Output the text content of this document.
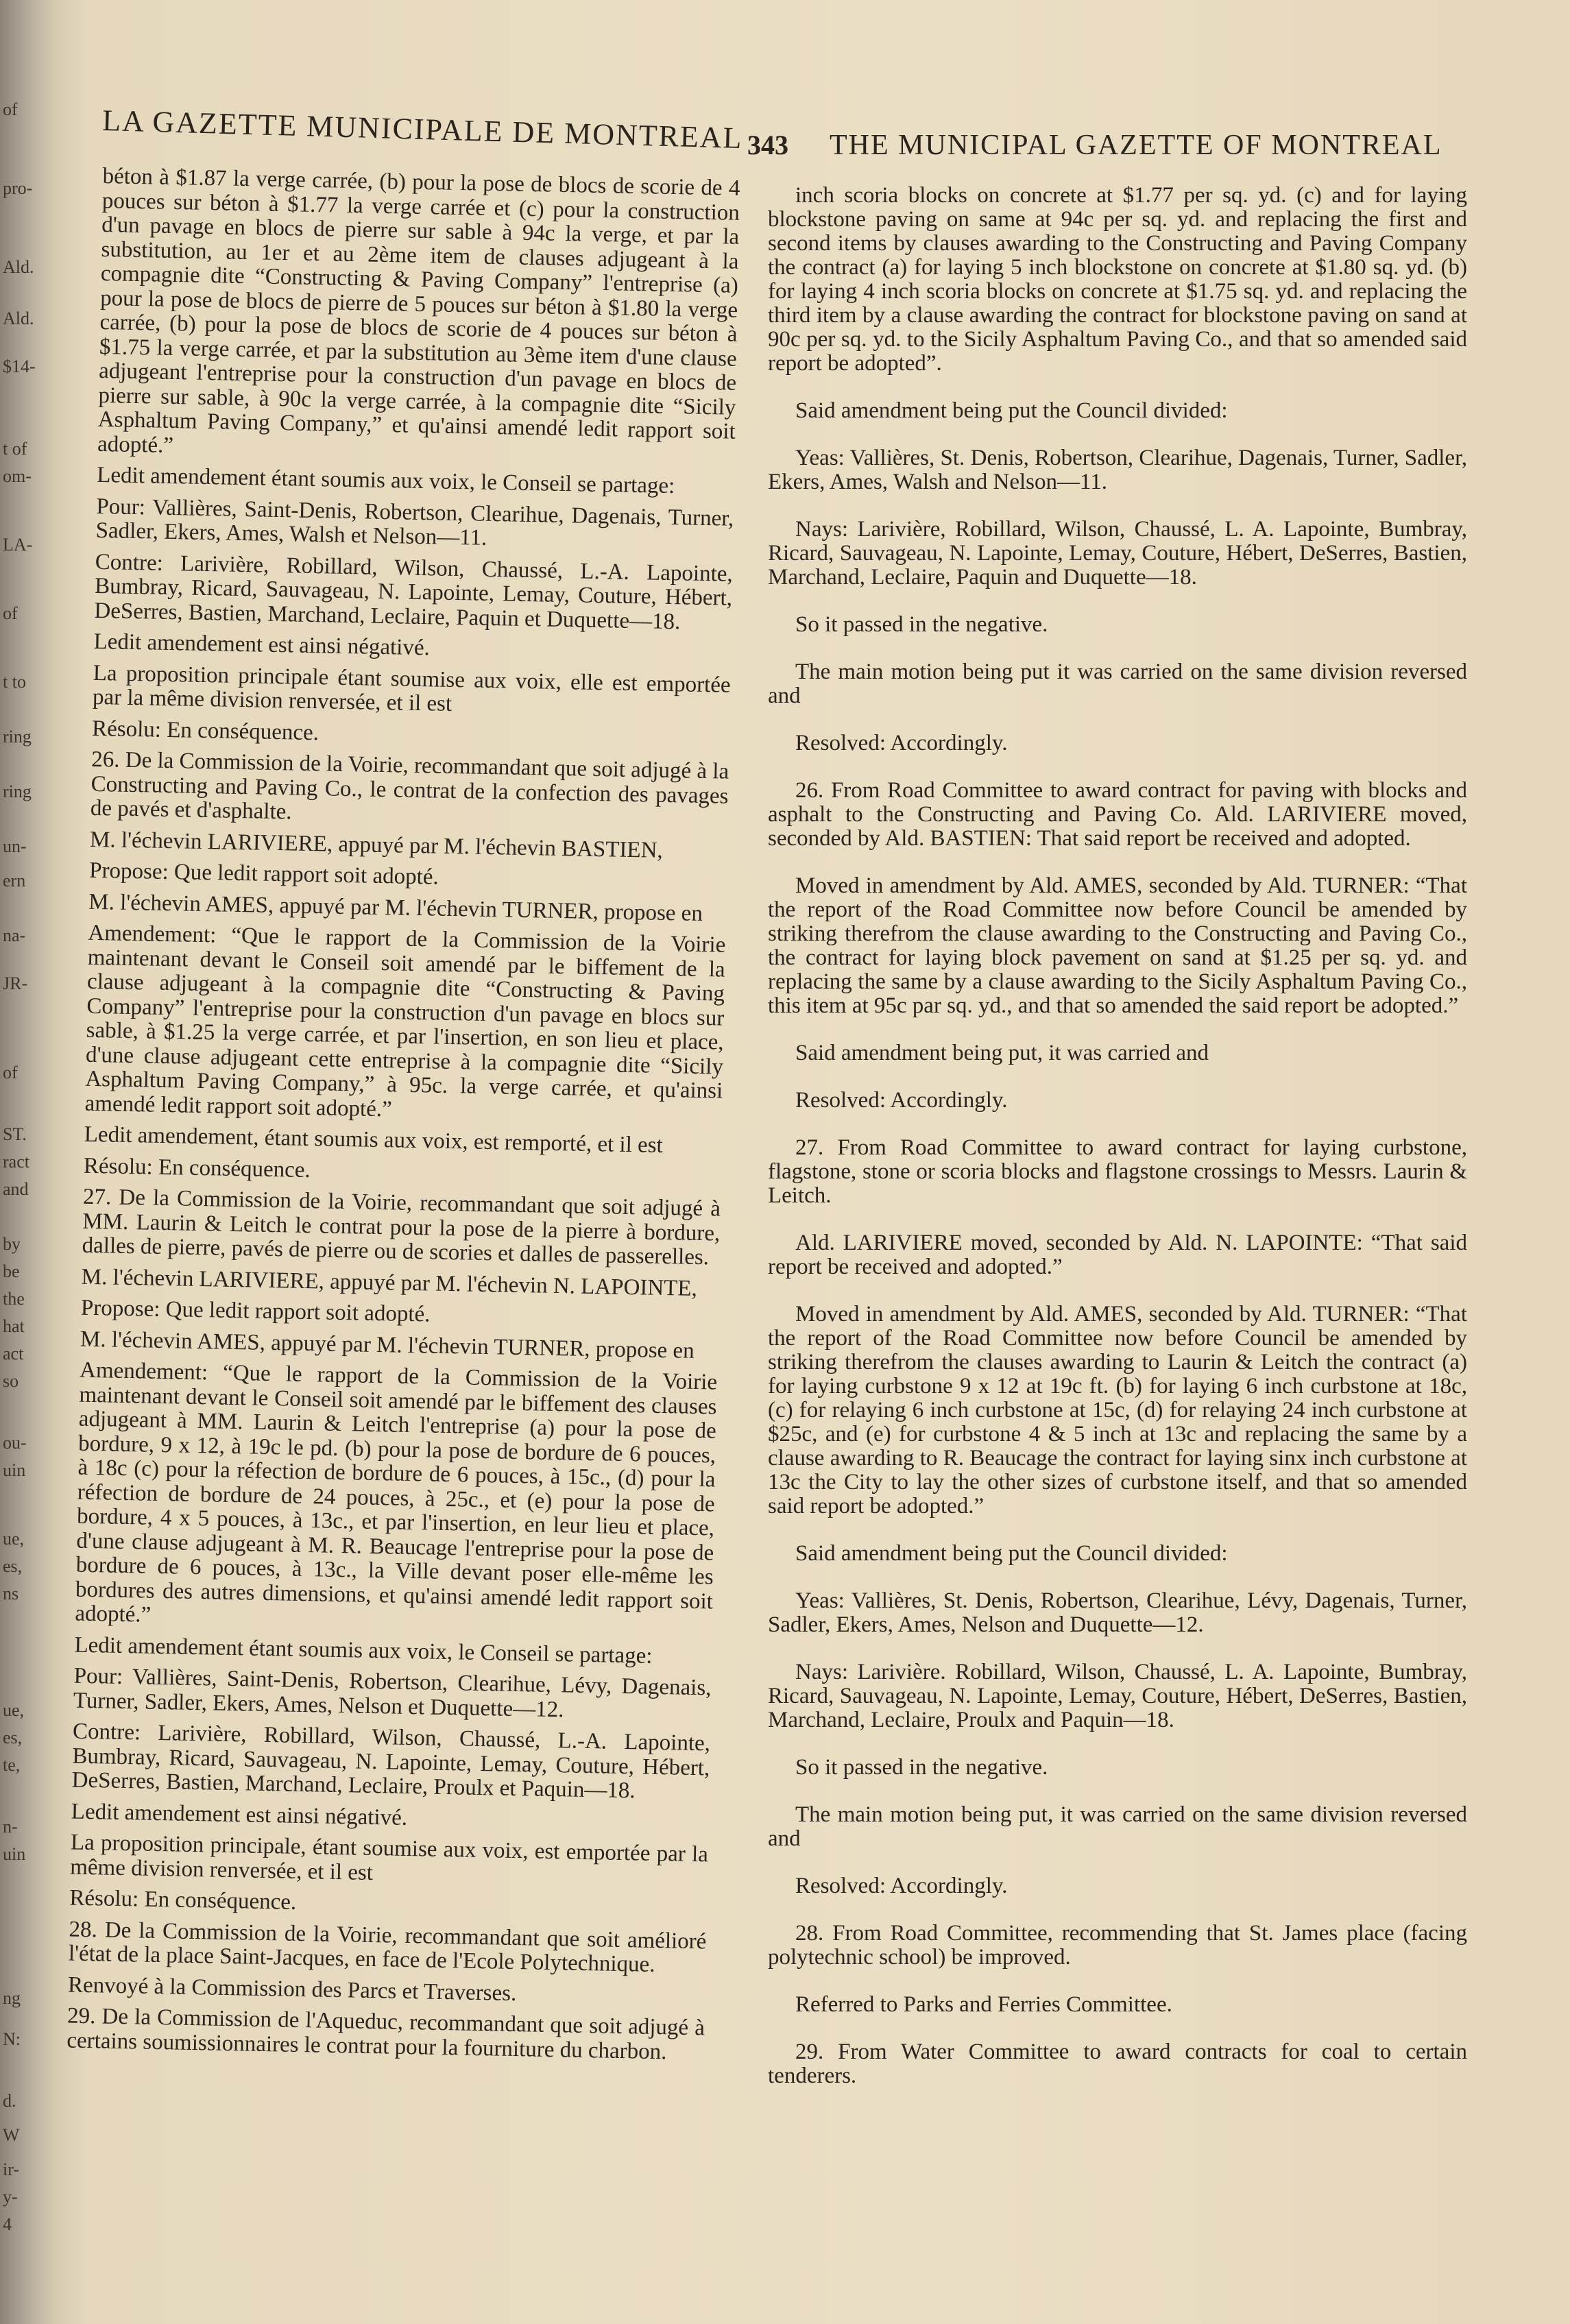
of
pro-
Ald.
Ald.
$14-
t of
om-
LA-
of
t to
ring
ring
un-
ern
na-
JR-
of
ST.
ract
and
by
be
the
hat
act
so
ou-
uin
ue,
es,
ns
ue,
es,
te,
n-
uin
ng
N:
d.
W
ir-
y-
4
LA GAZETTE MUNICIPALE DE MONTREAL 343 THE MUNICIPAL GAZETTE OF MONTREAL

béton à $1.87 la verge carrée, (b) pour la pose de blocs de scorie de 4 pouces sur béton à $1.77 la verge carrée et (c) pour la construction d'un pavage en blocs de pierre sur sable à 94c la verge, et par la substitution, au 1er et au 2ème item de clauses adjugeant à la compagnie dite “Constructing & Paving Company” l'entreprise (a) pour la pose de blocs de pierre de 5 pouces sur béton à $1.80 la verge carrée, (b) pour la pose de blocs de scorie de 4 pouces sur béton à $1.75 la verge carrée, et par la substitution au 3ème item d'une clause adjugeant l'entreprise pour la construction d'un pavage en blocs de pierre sur sable, à 90c la verge carrée, à la compagnie dite “Sicily Asphaltum Paving Company,” et qu'ainsi amendé ledit rapport soit adopté.”

Ledit amendement étant soumis aux voix, le Conseil se partage:

Pour: Vallières, Saint-Denis, Robertson, Clearihue, Dagenais, Turner, Sadler, Ekers, Ames, Walsh et Nelson—11.

Contre: Larivière, Robillard, Wilson, Chaussé, L.-A. Lapointe, Bumbray, Ricard, Sauvageau, N. Lapointe, Lemay, Couture, Hébert, DeSerres, Bastien, Marchand, Leclaire, Paquin et Duquette—18.

Ledit amendement est ainsi négativé.

La proposition principale étant soumise aux voix, elle est emportée par la même division renversée, et il est

Résolu: En conséquence.

26. De la Commission de la Voirie, recommandant que soit adjugé à la Constructing and Paving Co., le contrat de la confection des pavages de pavés et d'asphalte.

M. l'échevin LARIVIERE, appuyé par M. l'échevin BASTIEN,

Propose: Que ledit rapport soit adopté.

M. l'échevin AMES, appuyé par M. l'échevin TURNER, propose en

Amendement: “Que le rapport de la Commission de la Voirie maintenant devant le Conseil soit amendé par le biffement de la clause adjugeant à la compagnie dite “Constructing & Paving Company” l'entreprise pour la construction d'un pavage en blocs sur sable, à $1.25 la verge carrée, et par l'insertion, en son lieu et place, d'une clause adjugeant cette entreprise à la compagnie dite “Sicily Asphaltum Paving Company,” à 95c. la verge carrée, et qu'ainsi amendé ledit rapport soit adopté.”

Ledit amendement, étant soumis aux voix, est remporté, et il est

Résolu: En conséquence.

27. De la Commission de la Voirie, recommandant que soit adjugé à MM. Laurin & Leitch le contrat pour la pose de la pierre à bordure, dalles de pierre, pavés de pierre ou de scories et dalles de passerelles.

M. l'échevin LARIVIERE, appuyé par M. l'échevin N. LAPOINTE,

Propose: Que ledit rapport soit adopté.

M. l'échevin AMES, appuyé par M. l'échevin TURNER, propose en

Amendement: “Que le rapport de la Commission de la Voirie maintenant devant le Conseil soit amendé par le biffement des clauses adjugeant à MM. Laurin & Leitch l'entreprise (a) pour la pose de bordure, 9 x 12, à 19c le pd. (b) pour la pose de bordure de 6 pouces, à 18c (c) pour la réfection de bordure de 6 pouces, à 15c., (d) pour la réfection de bordure de 24 pouces, à 25c., et (e) pour la pose de bordure, 4 x 5 pouces, à 13c., et par l'insertion, en leur lieu et place, d'une clause adjugeant à M. R. Beaucage l'entreprise pour la pose de bordure de 6 pouces, à 13c., la Ville devant poser elle-même les bordures des autres dimensions, et qu'ainsi amendé ledit rapport soit adopté.”

Ledit amendement étant soumis aux voix, le Conseil se partage:

Pour: Vallières, Saint-Denis, Robertson, Clearihue, Lévy, Dagenais, Turner, Sadler, Ekers, Ames, Nelson et Duquette—12.

Contre: Larivière, Robillard, Wilson, Chaussé, L.-A. Lapointe, Bumbray, Ricard, Sauvageau, N. Lapointe, Lemay, Couture, Hébert, DeSerres, Bastien, Marchand, Leclaire, Proulx et Paquin—18.

Ledit amendement est ainsi négativé.

La proposition principale, étant soumise aux voix, est emportée par la même division renversée, et il est

Résolu: En conséquence.

28. De la Commission de la Voirie, recommandant que soit amélioré l'état de la place Saint-Jacques, en face de l'Ecole Polytechnique.

Renvoyé à la Commission des Parcs et Traverses.

29. De la Commission de l'Aqueduc, recommandant que soit adjugé à certains soumissionnaires le contrat pour la fourniture du charbon.

inch scoria blocks on concrete at $1.77 per sq. yd. (c) and for laying blockstone paving on same at 94c per sq. yd. and replacing the first and second items by clauses awarding to the Constructing and Paving Company the contract (a) for laying 5 inch blockstone on concrete at $1.80 sq. yd. (b) for laying 4 inch scoria blocks on concrete at $1.75 sq. yd. and replacing the third item by a clause awarding the contract for blockstone paving on sand at 90c per sq. yd. to the Sicily Asphaltum Paving Co., and that so amended said report be adopted”.

Said amendment being put the Council divided:

Yeas: Vallières, St. Denis, Robertson, Clearihue, Dagenais, Turner, Sadler, Ekers, Ames, Walsh and Nelson—11.

Nays: Larivière, Robillard, Wilson, Chaussé, L. A. Lapointe, Bumbray, Ricard, Sauvageau, N. Lapointe, Lemay, Couture, Hébert, DeSerres, Bastien, Marchand, Leclaire, Paquin and Duquette—18.

So it passed in the negative.

The main motion being put it was carried on the same division reversed and

Resolved: Accordingly.

26. From Road Committee to award contract for paving with blocks and asphalt to the Constructing and Paving Co. Ald. LARIVIERE moved, seconded by Ald. BASTIEN: That said report be received and adopted.

Moved in amendment by Ald. AMES, seconded by Ald. TURNER: “That the report of the Road Committee now before Council be amended by striking therefrom the clause awarding to the Constructing and Paving Co., the contract for laying block pavement on sand at $1.25 per sq. yd. and replacing the same by a clause awarding to the Sicily Asphaltum Paving Co., this item at 95c par sq. yd., and that so amended the said report be adopted.”

Said amendment being put, it was carried and

Resolved: Accordingly.

27. From Road Committee to award contract for laying curbstone, flagstone, stone or scoria blocks and flagstone crossings to Messrs. Laurin & Leitch.

Ald. LARIVIERE moved, seconded by Ald. N. LAPOINTE: “That said report be received and adopted.”

Moved in amendment by Ald. AMES, seconded by Ald. TURNER: “That the report of the Road Committee now before Council be amended by striking therefrom the clauses awarding to Laurin & Leitch the contract (a) for laying curbstone 9 x 12 at 19c ft. (b) for laying 6 inch curbstone at 18c, (c) for relaying 6 inch curbstone at 15c, (d) for relaying 24 inch curbstone at $25c, and (e) for curbstone 4 & 5 inch at 13c and replacing the same by a clause awarding to R. Beaucage the contract for laying sinx inch curbstone at 13c the City to lay the other sizes of curbstone itself, and that so amended said report be adopted.”

Said amendment being put the Council divided:

Yeas: Vallières, St. Denis, Robertson, Clearihue, Lévy, Dagenais, Turner, Sadler, Ekers, Ames, Nelson and Duquette—12.

Nays: Larivière. Robillard, Wilson, Chaussé, L. A. Lapointe, Bumbray, Ricard, Sauvageau, N. Lapointe, Lemay, Couture, Hébert, DeSerres, Bastien, Marchand, Leclaire, Proulx and Paquin—18.

So it passed in the negative.

The main motion being put, it was carried on the same division reversed and

Resolved: Accordingly.

28. From Road Committee, recommending that St. James place (facing polytechnic school) be improved.

Referred to Parks and Ferries Committee.

29. From Water Committee to award contracts for coal to certain tenderers.
